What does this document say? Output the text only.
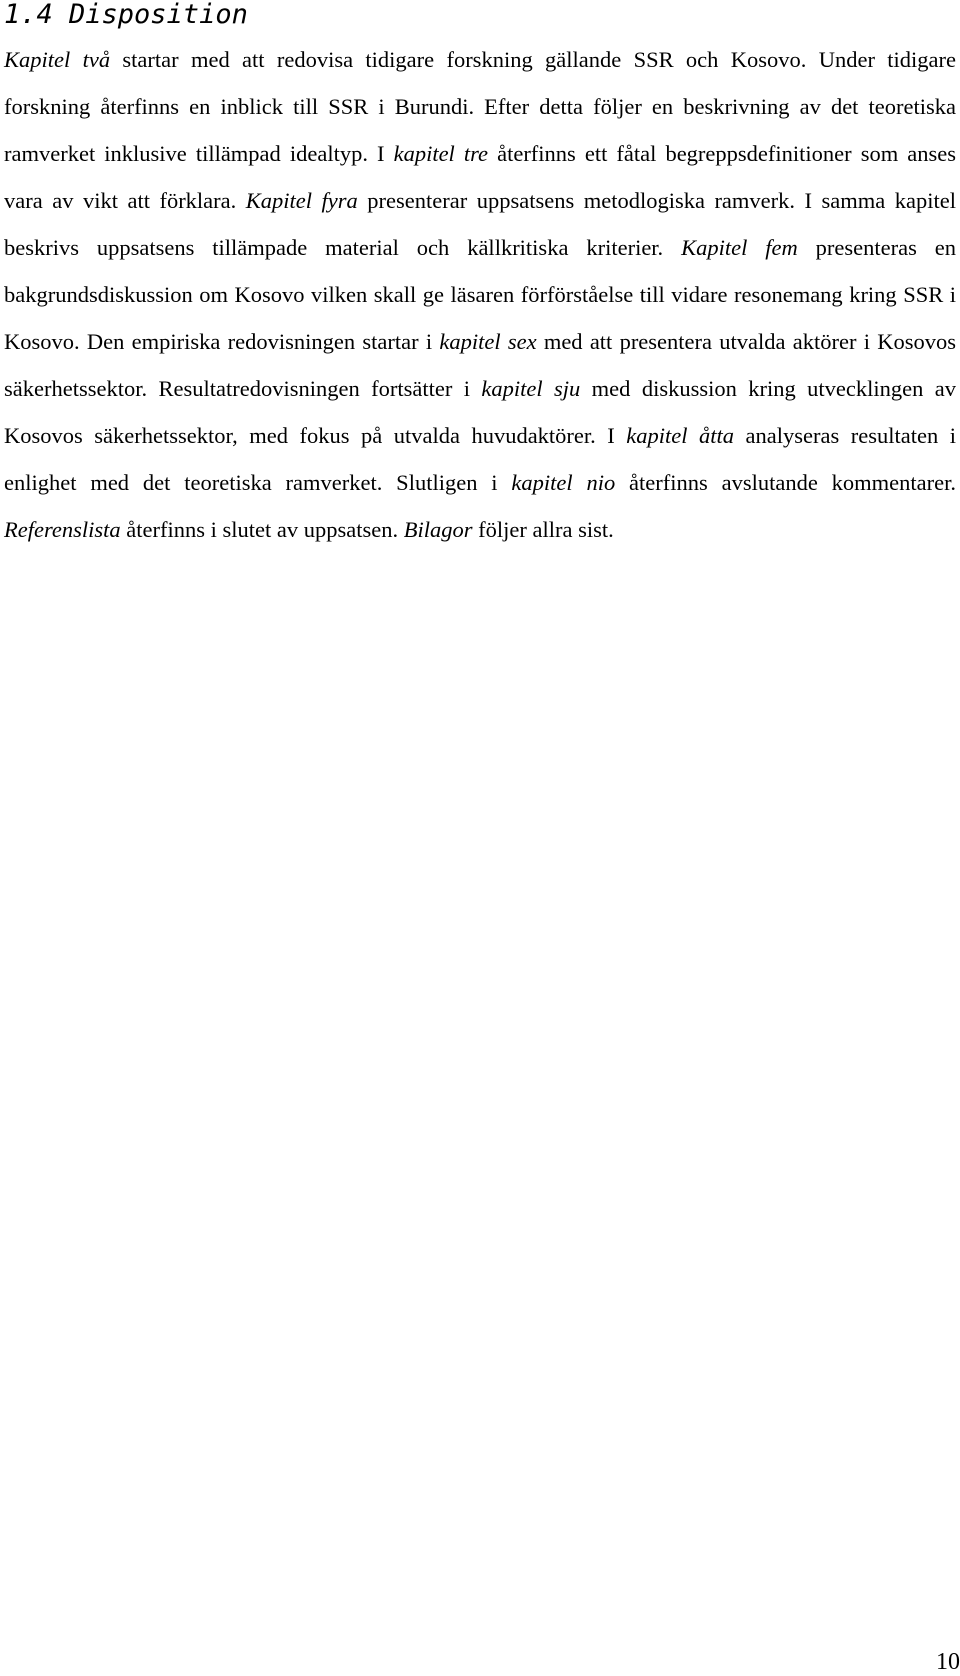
1.4 Disposition

Kapitel två startar med att redovisa tidigare forskning gällande SSR och Kosovo. Under tidigare forskning återfinns en inblick till SSR i Burundi. Efter detta följer en beskrivning av det teoretiska ramverket inklusive tillämpad idealtyp. I kapitel tre återfinns ett fåtal begreppsdefinitioner som anses vara av vikt att förklara. Kapitel fyra presenterar uppsatsens metodlogiska ramverk. I samma kapitel beskrivs uppsatsens tillämpade material och källkritiska kriterier. Kapitel fem presenteras en bakgrundsdiskussion om Kosovo vilken skall ge läsaren förförståelse till vidare resonemang kring SSR i Kosovo. Den empiriska redovisningen startar i kapitel sex med att presentera utvalda aktörer i Kosovos säkerhetssektor. Resultatredovisningen fortsätter i kapitel sju med diskussion kring utvecklingen av Kosovos säkerhetssektor, med fokus på utvalda huvudaktörer. I kapitel åtta analyseras resultaten i enlighet med det teoretiska ramverket. Slutligen i kapitel nio återfinns avslutande kommentarer. Referenslista återfinns i slutet av uppsatsen. Bilagor följer allra sist.

10
